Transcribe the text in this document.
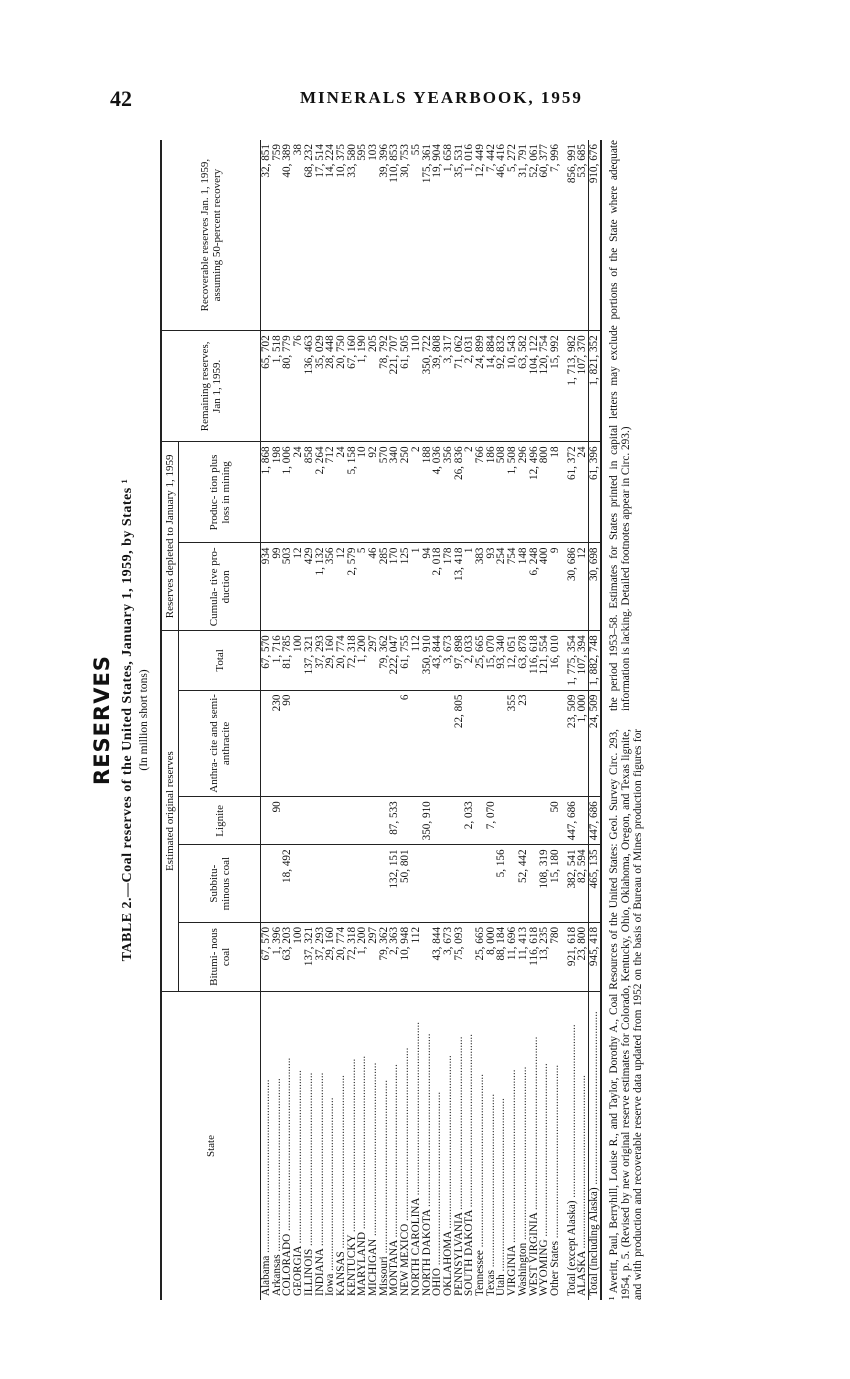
42	MINERALS YEARBOOK, 1959
RESERVES TABLE 2.—Coal reserves of the United States, January 1, 1959, by States ¹ (In million short tons)
State	Estimated original reserves					Reserves depleted to January 1, 1959		Remaining reserves, Jan 1, 1959.	Recoverable reserves Jan. 1, 1959, assuming 50-percent recovery
	Bitumi- nous coal	Subbitu- minous coal	Lignite	Anthra- cite and semi- anthracite	Total	Cumula- tive pro- duction	Produc- tion plus loss in mining		
Alabama ..............................................................	67, 570				67, 570	934	1, 868	65, 702	32, 851
Arkansas ..............................................................	1, 396		90	230	1, 716	99	198	1, 518	759
COLORADO ..............................................................	63, 203	18, 492		90	81, 785	503	1, 006	80, 779	40, 389
GEORGIA ..............................................................	100				100	12	24	76	38
ILLINOIS ..............................................................	137, 321				137, 321	429	858	136, 463	68, 232
INDIANA ..............................................................	37, 293				37, 293	1, 132	2, 264	35, 029	17, 514
Iowa ..............................................................	29, 160				29, 160	356	712	28, 448	14, 224
KANSAS ..............................................................	20, 774				20, 774	12	24	20, 750	10, 375
KENTUCKY ..............................................................	72, 318				72, 318	2, 579	5, 158	67, 160	33, 580
MARYLAND ..............................................................	1, 200				1, 200	5	10	1, 190	595
MICHIGAN ..............................................................	297				297	46	92	205	103
Missouri ..............................................................	79, 362				79, 362	285	570	78, 792	39, 396
MONTANA ..............................................................	2, 363	132, 151	87, 533		222, 047	170	340	221, 707	110, 853
NEW MEXICO ..............................................................	10, 948	50, 801		6	61, 755	125	250	61, 505	30, 753
NORTH CAROLINA ..............................................................	112				112	1	2	110	55
NORTH DAKOTA ..............................................................			350, 910		350, 910	94	188	350, 722	175, 361
OHIO ..............................................................	43, 844				43, 844	2, 018	4, 036	39, 808	19, 904
OKLAHOMA ..............................................................	3, 673				3, 673	178	356	3, 317	1, 658
PENNSYLVANIA ..............................................................	75, 093			22, 805	97, 898	13, 418	26, 836	71, 062	35, 531
SOUTH DAKOTA ..............................................................			2, 033		2, 033	1	2	2, 031	1, 016
Tennessee ..............................................................	25, 665				25, 665	383	766	24, 899	12, 449
Texas ..............................................................	8, 000		7, 070		15, 070	93	186	14, 884	7, 442
Utah ..............................................................	88, 184	5, 156			93, 340	254	508	92, 832	46, 416
VIRGINIA ..............................................................	11, 696			355	12, 051	754	1, 508	10, 543	5, 272
Washington ..............................................................	11, 413	52, 442		23	63, 878	148	296	63, 582	31, 791
WEST VIRGINIA ..............................................................	116, 618				116, 618	6, 248	12, 496	104, 122	52, 061
WYOMING ..............................................................	13, 235	108, 319			121, 554	400	800	120, 754	60, 377
Other States ..............................................................	780	15, 180	50		16, 010	9	18	15, 992	7, 996

Total (except Alaska) ..............................................................	921, 618	382, 541	447, 686	23, 509	1, 775, 354	30, 686	61, 372	1, 713, 982	856, 991
ALASKA ..............................................................	23, 800	82, 594		1, 000	107, 394	12	24	107, 370	53, 685
Total (including Alaska) ..............................................................	945, 418	465, 135	447, 686	24, 509	1, 882, 748	30, 698	61, 396	1, 821, 352	910, 676
¹ Averitt, Paul, Berryhill, Louise R., and Taylor, Dorothy A., Coal Resources of the United States: Geol. Survey Circ. 293, 1954, p. 5. (Revised by new original reserve estimates for Colorado, Kentucky, Ohio, Oklahoma, Oregon, and Texas lignite, and with production and recoverable reserve data updated from 1952 on the basis of Bureau of Mines production figures for the period 1953–58. Estimates for States printed in capital letters may exclude portions of the State where adequate information is lacking. Detailed footnotes appear in Circ. 293.)
